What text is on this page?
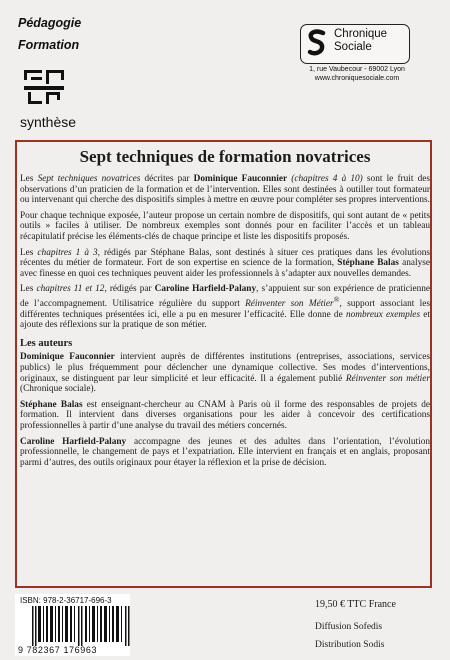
Pédagogie
Formation
synthèse
Chronique
Sociale
1, rue Vaubecour - 69002 Lyon
www.chroniquesociale.com
Sept techniques de formation novatrices

Les Sept techniques novatrices décrites par Dominique Fauconnier (chapitres 4 à 10) sont le fruit des observations d’un praticien de la formation et de l’intervention. Elles sont destinées à outiller tout formateur ou intervenant qui cherche des dispositifs simples à mettre en œuvre pour compléter ses propres interventions.

Pour chaque technique exposée, l’auteur propose un certain nombre de dispositifs, qui sont autant de « petits outils » faciles à utiliser. De nombreux exemples sont donnés pour en faciliter l’accès et un tableau récapitulatif précise les éléments-clés de chaque principe et liste les dispositifs proposés.

Les chapitres 1 à 3, rédigés par Stéphane Balas, sont destinés à situer ces pratiques dans les évolutions récentes du métier de formateur. Fort de son expertise en science de la formation, Stéphane Balas analyse avec finesse en quoi ces techniques peuvent aider les professionnels à s’adapter aux nouvelles demandes.

Les chapitres 11 et 12, rédigés par Caroline Harfield-Palany, s’appuient sur son expérience de praticienne de l’accompagnement. Utilisatrice régulière du support Réinventer son Métier®, support associant les différentes techniques présentées ici, elle a pu en mesurer l’efficacité. Elle donne de nombreux exemples et ajoute des réflexions sur la pratique de son métier.

Les auteurs

Dominique Fauconnier intervient auprès de différentes institutions (entreprises, associations, services publics) le plus fréquemment pour déclencher une dynamique collective. Ses modes d’interventions, originaux, se distinguent par leur simplicité et leur efficacité. Il a également publié Réinventer son métier (Chronique sociale).

Stéphane Balas est enseignant-chercheur au CNAM à Paris où il forme des responsables de projets de formation. Il intervient dans diverses organisations pour les aider à concevoir des certifications professionnelles à partir d’une analyse du travail des métiers concernés.

Caroline Harfield-Palany accompagne des jeunes et des adultes dans l’orientation, l’évolution professionnelle, le changement de pays et l’expatriation. Elle intervient en français et en anglais, proposant parmi d’autres, des outils originaux pour étayer la réflexion et la prise de décision.

ISBN: 978-2-36717-696-3
9 782367 176963
19,50 € TTC France
Diffusion Sofedis
Distribution Sodis
